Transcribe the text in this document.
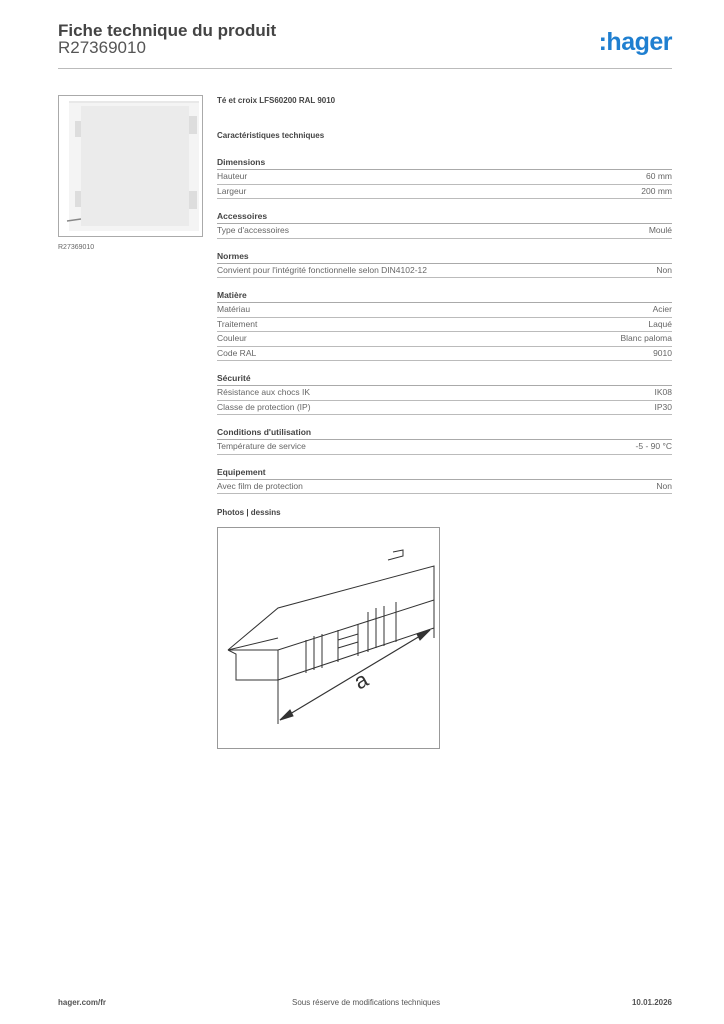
Fiche technique du produit
R27369010	:hager
R27369010
Té et croix LFS60200 RAL 9010
Caractéristiques techniques
Dimensions
Hauteur	60 mm
Largeur	200 mm
Accessoires
Type d'accessoires	Moulé
Normes
Convient pour l'intégrité fonctionnelle selon DIN4102-12	Non
Matière
Matériau	Acier
Traitement	Laqué
Couleur	Blanc paloma
Code RAL	9010
Sécurité
Résistance aux chocs IK	IK08
Classe de protection (IP)	IP30
Conditions d'utilisation
Température de service	-5 - 90 °C
Equipement
Avec film de protection	Non
Photos | dessins
a
hager.com/fr	Sous réserve de modifications techniques	10.01.2026
